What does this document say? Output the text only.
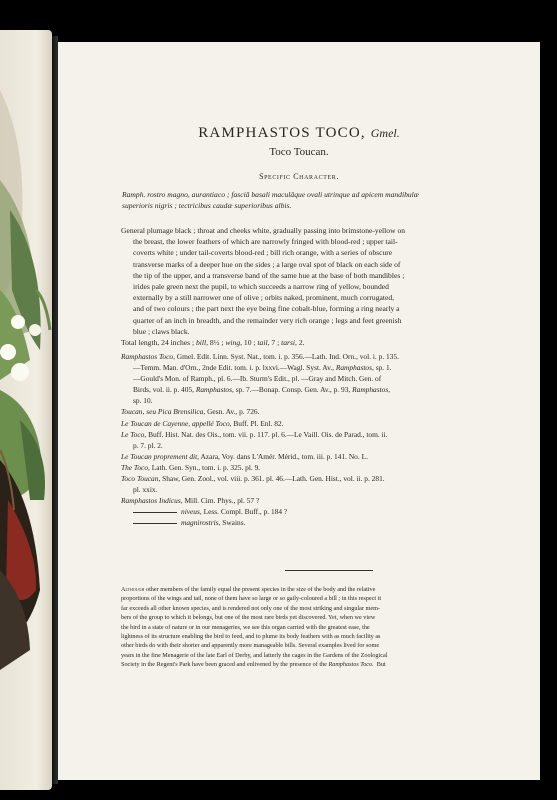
RAMPHASTOS TOCO, Gmel.
Toco Toucan.
Specific Character.
Ramph. rostro magno, aurantiaco ; fasciâ basali maculâque ovali utrinque ad apicem mandibulæ
superioris nigris ; tectricibus caudæ superioribus albis.
General plumage black ; throat and cheeks white, gradually passing into brimstone-yellow on
the breast, the lower feathers of which are narrowly fringed with blood-red ; upper tail-
coverts white ; under tail-coverts blood-red ; bill rich orange, with a series of obscure
transverse marks of a deeper hue on the sides ; a large oval spot of black on each side of
the tip of the upper, and a transverse band of the same hue at the base of both mandibles ;
irides pale green next the pupil, to which succeeds a narrow ring of yellow, bounded
externally by a still narrower one of olive ; orbits naked, prominent, much corrugated,
and of two colours ; the part next the eye being fine cobalt-blue, forming a ring nearly a
quarter of an inch in breadth, and the remainder very rich orange ; legs and feet greenish
blue ; claws black.
Total length, 24 inches ; bill, 8½ ; wing, 10 ; tail, 7 ; tarsi, 2.
Ramphastos Toco, Gmel. Edit. Linn. Syst. Nat., tom. i. p. 356.—Lath. Ind. Orn., vol. i. p. 135.
—Temm. Man. d'Orn., 2nde Edit. tom. i. p. lxxvi.—Wagl. Syst. Av., Ramphastos, sp. 1.
—Gould's Mon. of Ramph., pl. 6.—Ib. Sturm's Edit., pl. —Gray and Mitch. Gen. of
Birds, vol. ii. p. 405, Ramphastos, sp. 7.—Bonap. Consp. Gen. Av., p. 93, Ramphastos,
sp. 10.
Toucan, seu Pica Brensilica, Gesn. Av., p. 726.
Le Toucan de Cayenne, appellé Toco, Buff. Pl. Enl. 82.
Le Toco, Buff. Hist. Nat. des Ois., tom. vii. p. 117. pl. 6.—Le Vaill. Ois. de Parad., tom. ii.
p. 7. pl. 2.
Le Toucan proprement dit, Azara, Voy. dans L'Amér. Mérid., tom. iii. p. 141. No. L.
The Toco, Lath. Gen. Syn., tom. i. p. 325. pl. 9.
Toco Toucan, Shaw, Gen. Zool., vol. viii. p. 361. pl. 46.—Lath. Gen. Hist., vol. ii. p. 281.
pl. xxix.
Ramphastos Indicus, Mill. Cim. Phys., pl. 57 ?
niveus, Less. Compl. Buff., p. 184 ?
magnirostris, Swains.
Although other members of the family equal the present species in the size of the body and the relative
proportions of the wings and tail, none of them have so large or so gaily-coloured a bill ; in this respect it
far exceeds all other known species, and is rendered not only one of the most striking and singular mem-
bers of the group to which it belongs, but one of the most rare birds yet discovered. Yet, when we view
the bird in a state of nature or in our menageries, we see this organ carried with the greatest ease, the
lightness of its structure enabling the bird to feed, and to plume its body feathers with as much facility as
other birds do with their shorter and apparently more manageable bills. Several examples lived for some
years in the fine Menagerie of the late Earl of Derby, and latterly the cages in the Gardens of the Zoological
Society in the Regent's Park have been graced and enlivened by the presence of the Ramphastos Toco. But
